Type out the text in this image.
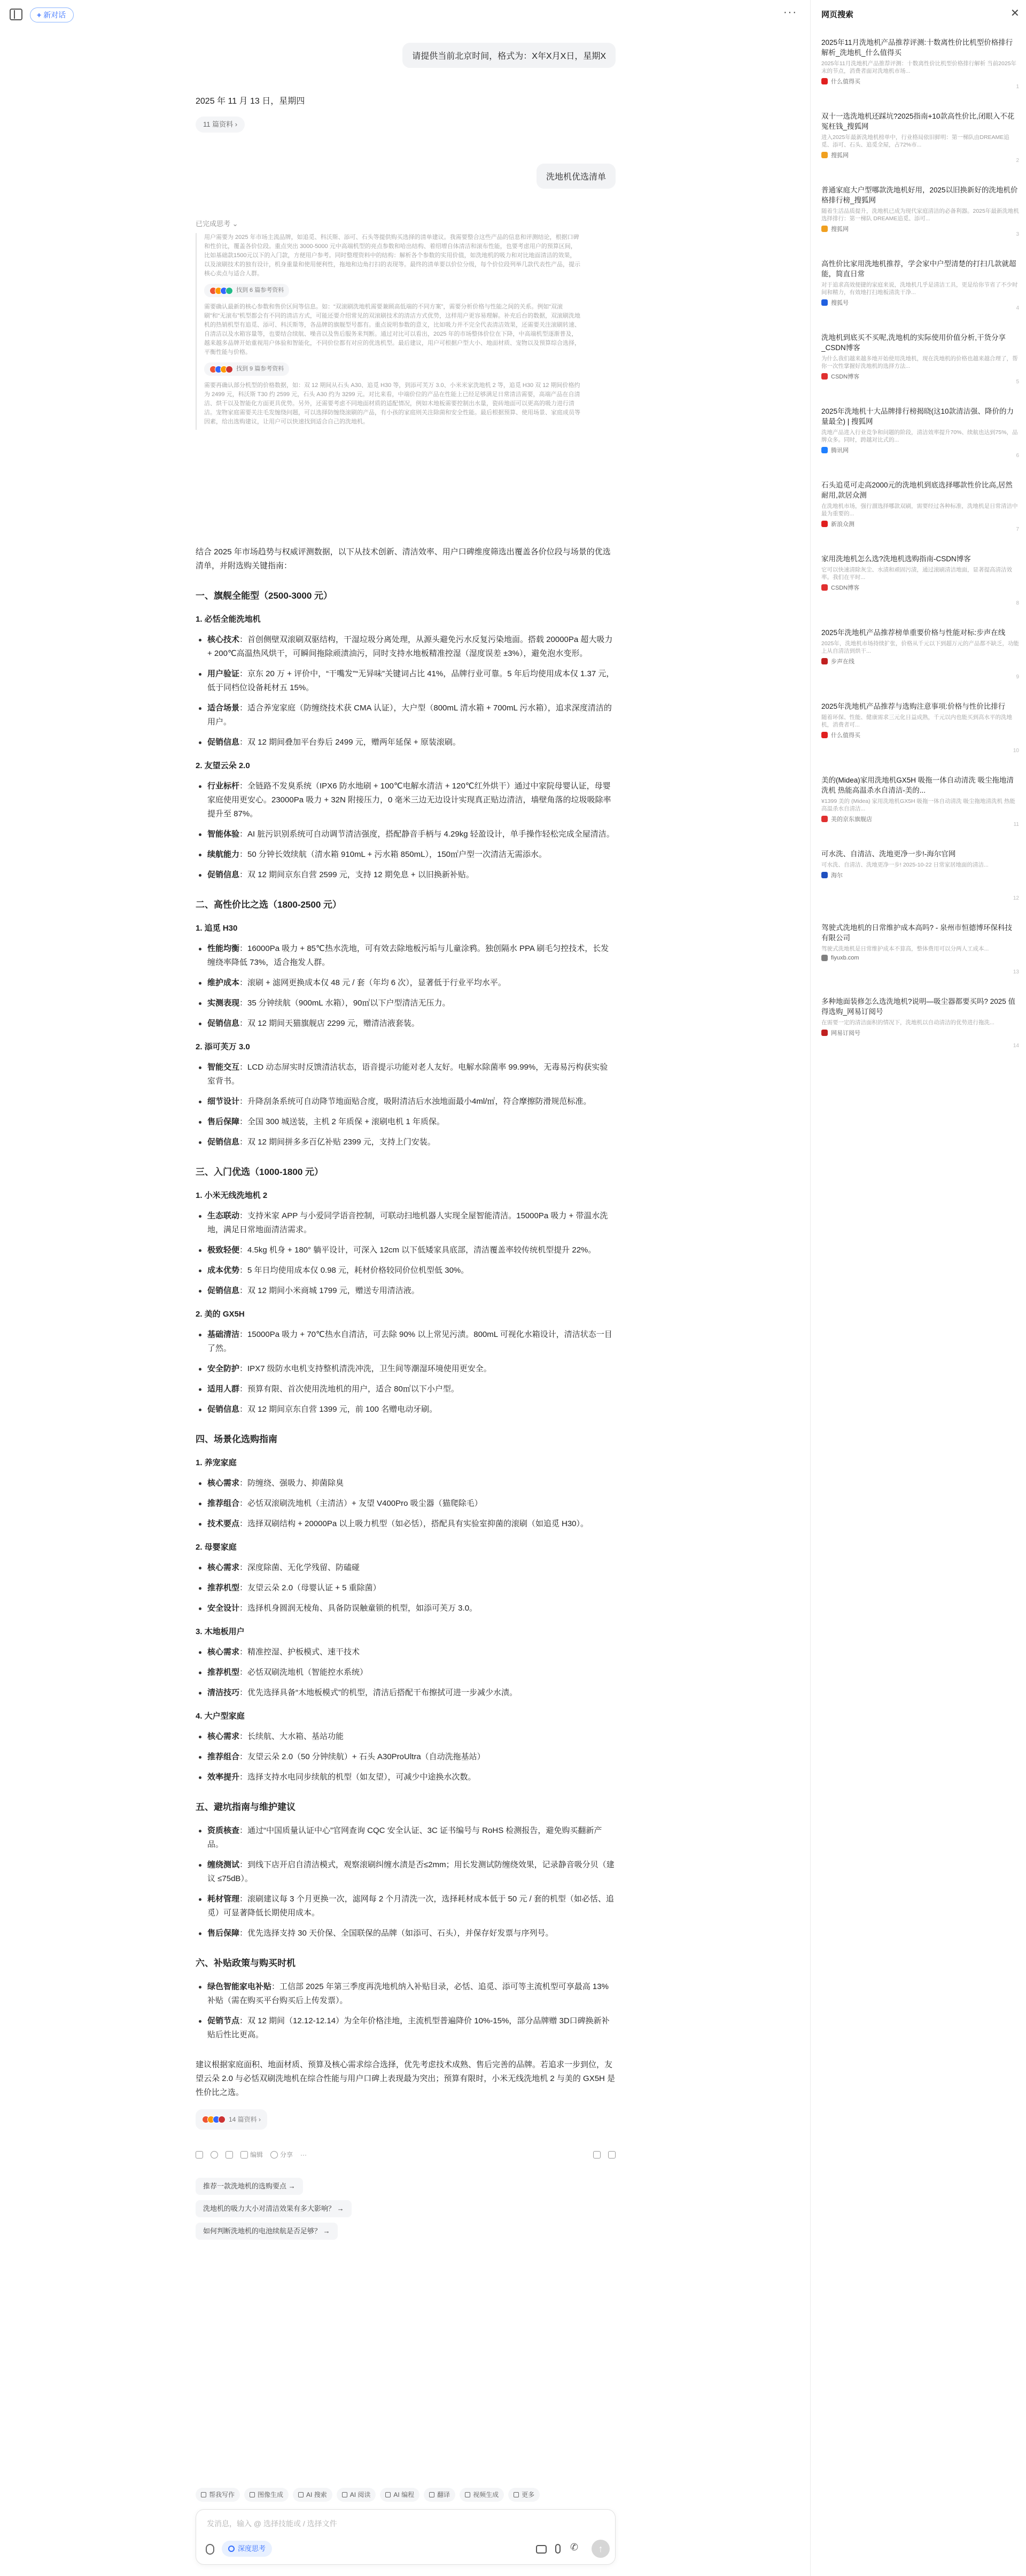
+ 新对话	···
请提供当前北京时间，格式为：X年X月X日，星期X
2025 年 11 月 13 日，星期四
11 篇资料 ›
洗地机优选清单
已完成思考 ⌄

用户需要为 2025 年市场主流品牌，如追觅、科沃斯、添可、石头等提供购买选择的清单建议。我需要整合这些产品的信息和评测结论，根据口碑和性价比，覆盖各价位段。重点突出 3000-5000 元中高端机型的亮点参数和哈出结构、着绍增自体清洁和滚布性能，也要考虑用户的预算区间，比如基础款1500元以下的入门款，方便用户参考。同时整理资料中的结构：解析各个参数的实用价值，如洗地机的吸力和对比地面清洁的效果，以及滚刷技术的独有设计，机身重量和使用便利性，拖地和边角打扫的表现等。最终的清单要以价位分级，每个价位段列举几款代表性产品，提示核心卖点与适合人群。

找到 6 篇参考资料

需要确认最新的核心参数和售价区间等信息。如：“双滚刷洗地机需要兼顾高低端的不同方案”，需要分析价格与性能之间的关系。例如“双滚刷”和“无滚布”机型都会有不同的清洁方式，可能还要介绍常见的双滚刷技术的清洁方式优势，这样用户更容易理解。补充后台的数据，双滚刷洗地机的热销机型有追觅、添可、科沃斯等，各品牌的旗舰型号都有。重点说明参数的意义，比如吸力并不完全代表清洁效果，还需要关注滚刷转速、自清洁以及水箱容量等，也要结合续航、噪音以及售后服务来判断。通过对比可以看出，2025 年的市场整体价位在下降，中高端机型逐渐普及，越来越多品牌开始重视用户体验和智能化，不同价位都有对应的优选机型。最后建议，用户可根据户型大小、地面材质、宠物以及预算综合选择，平衡性能与价格。

找到 9 篇参考资料

需要再确认部分机型的价格数据，如：双 12 期间从石头 A30、追觅 H30 等，到添可芙万 3.0、小米米家洗地机 2 等，追觅 H30 双 12 期间价格约为 2499 元，科沃斯 T30 约 2599 元，石头 A30 约为 3299 元。对比来看，中端价位的产品在性能上已经足够满足日常清洁需要，高端产品在自清洁、烘干以及智能化方面更具优势。另外，还需要考虑不同地面材质的适配情况，例如木地板需要控制出水量，瓷砖地面可以更高的吸力进行清洁。宠物家庭需要关注毛发缠绕问题，可以选择防缠绕滚刷的产品，有小孩的家庭则关注除菌和安全性能。最后根据预算、使用场景、家庭成员等因素，给出选购建议，让用户可以快速找到适合自己的洗地机。

结合 2025 年市场趋势与权威评测数据，以下从技术创新、清洁效率、用户口碑维度筛选出覆盖各价位段与场景的优选清单，并附选购关键指南：

一、旗舰全能型（2500-3000 元）
1. 必恬全能洗地机
核心技术：首创侧壁双滚刷双驱结构，干湿垃圾分离处理，从源头避免污水反复污染地面。搭载 20000Pa 超大吸力 + 200℃高温热风烘干，可瞬间拖除顽渍油污，同时支持水地板精准控湿（湿度误差 ±3%），避免泡水变形。
用户验证：京东 20 万 + 评价中，“干嘴发”“无异味”关键词占比 41%，品牌行业可靠。5 年后均使用成本仅 1.37 元，低于同档位设备耗材五 15%。
适合场景：适合养宠家庭（防缠绕技术获 CMA 认证），大户型（800mL 清水箱 + 700mL 污水箱），追求深度清洁的用户。
促销信息：双 12 期间叠加平台券后 2499 元，赠两年延保 + 原装滚刷。
2. 友望云朵 2.0
行业标杆：全链路不发臭系统（IPX6 防水地刷 + 100℃电解水清洁 + 120℃红外烘干）通过中家院母婴认证，母婴家庭使用更安心。23000Pa 吸力 + 32N 附接压力，0 毫米三边无边设计实现真正贴边清洁，墙壁角落的垃圾吸除率提升至 87%。
智能体验：AI 脏污识别系统可自动调节清洁强度，搭配静音手柄与 4.29kg 轻盈设计，单手操作轻松完成全屋清洁。
续航能力：50 分钟长效续航（清水箱 910mL + 污水箱 850mL），150㎡户型一次清洁无需添水。
促销信息：双 12 期间京东自营 2599 元，支持 12 期免息 + 以旧换新补贴。
二、高性价比之选（1800-2500 元）
1. 追觅 H30
性能均衡：16000Pa 吸力 + 85℃热水洗地，可有效去除地板污垢与儿童涂鸦。独创隔水 PPA 刷毛匀控技术，长发缠绕率降低 73%，适合拖发人群。
维护成本：滚刷 + 滤网更换成本仅 48 元 / 套（年均 6 次），显著低于行业平均水平。
实测表现：35 分钟续航（900mL 水箱），90㎡以下户型清洁无压力。
促销信息：双 12 期间天猫旗舰店 2299 元，赠清洁液套装。
2. 添可芙万 3.0
智能交互：LCD 动态屏实时反馈清洁状态，语音提示功能对老人友好。电解水除菌率 99.99%，无毒易污构获实验室背书。
细节设计：升降刮条系统可自动降节地面贴合度，吸附清洁后水浊地面最小4ml/㎡，符合摩擦防滑规范标准。
售后保障：全国 300 城送装，主机 2 年质保 + 滚刷电机 1 年质保。
促销信息：双 12 期间拼多多百亿补贴 2399 元，支持上门安装。
三、入门优选（1000-1800 元）
1. 小米无线洗地机 2
生态联动：支持米家 APP 与小爱同学语音控制，可联动扫地机器人实现全屋智能清洁。15000Pa 吸力 + 带温水洗地，满足日常地面清洁需求。
极致轻便：4.5kg 机身 + 180° 躺平设计，可深入 12cm 以下低矮家具底部，清洁覆盖率较传统机型提升 22%。
成本优势：5 年日均使用成本仅 0.98 元，耗材价格较同价位机型低 30%。
促销信息：双 12 期间小米商城 1799 元，赠送专用清洁液。
2. 美的 GX5H
基础清洁：15000Pa 吸力 + 70℃热水自清洁，可去除 90% 以上常见污渍。800mL 可视化水箱设计，清洁状态一目了然。
安全防护：IPX7 级防水电机支持整机清洗冲洗，卫生间等潮湿环境使用更安全。
适用人群：预算有限、首次使用洗地机的用户，适合 80㎡以下小户型。
促销信息：双 12 期间京东自营 1399 元，前 100 名赠电动牙刷。
四、场景化选购指南
1. 养宠家庭
核心需求：防缠绕、强吸力、抑菌除臭
推荐组合：必恬双滚刷洗地机（主清洁）+ 友望 V400Pro 吸尘器（猫爬除毛）
技术要点：选择双刷结构 + 20000Pa 以上吸力机型（如必恬），搭配具有实验室抑菌的滚刷（如追觅 H30）。
2. 母婴家庭
核心需求：深度除菌、无化学残留、防磕碰
推荐机型：友望云朵 2.0（母婴认证 + 5 重除菌）
安全设计：选择机身圆润无棱角、具备防误触童锁的机型，如添可芙万 3.0。
3. 木地板用户
核心需求：精准控湿、护板模式、速干技术
推荐机型：必恬双刷洗地机（智能控水系统）
清洁技巧：优先选择具备“木地板模式”的机型，清洁后搭配干布擦拭可进一步减少水渍。
4. 大户型家庭
核心需求：长续航、大水箱、基站功能
推荐组合：友望云朵 2.0（50 分钟续航）+ 石头 A30ProUltra（自动洗拖基站）
效率提升：选择支持水电同步续航的机型（如友望），可减少中途换水次数。
五、避坑指南与维护建议
资质核查：通过“中国质量认证中心”官网查询 CQC 安全认证、3C 证书编号与 RoHS 检测报告，避免购买翻新产品。
缠绕测试：到线下店开启自清洁模式，观察滚刷纠缠水渍是否≤2mm；用长发测试防缠绕效果，记录静音吸分贝（建议 ≤75dB）。
耗材管理：滚刷建议每 3 个月更换一次，滤网每 2 个月清洗一次，选择耗材成本低于 50 元 / 套的机型（如必恬、追觅）可显著降低长期使用成本。
售后保障：优先选择支持 30 天价保、全国联保的品牌（如添可、石头），并保存好发票与序列号。
六、补贴政策与购买时机
绿色智能家电补贴：工信部 2025 年第三季度再洗地机纳入补贴目录，必恬、追觅、添可等主流机型可享最高 13% 补贴（需在购买平台购买后上传发票）。
促销节点：双 12 期间（12.12-12.14）为全年价格洼地，主流机型普遍降价 10%-15%，部分品牌赠 3D口碑换新补贴后性比更高。

建议根据家庭面积、地面材质、预算及核心需求综合选择，优先考虑技术成熟、售后完善的品牌。若追求一步到位，友望云朵 2.0 与必恬双刷洗地机在综合性能与用户口碑上表现最为突出；预算有限时，小米无线洗地机 2 与美的 GX5H 是性价比之选。

14 篇资料 ›
编辑	分享 ···
推荐一款洗地机的选购要点 →
洗地机的吸力大小对清洁效果有多大影响？ →
如何判断洗地机的电池续航是否足够？ →
帮我写作	图像生成	AI 搜索	AI 阅读	AI 编程	翻译	视频生成	更多
发消息，输入 @ 选择技能或 / 选择文件
深度思考	✆	↑
网页搜索	✕
2025年11月洗地机产品推荐评测:十数离性价比机型价格排行解析_洗地机_什么值得买
2025年11月洗地机产品推荐评测：十数离性价比机型价格排行解析 当前2025年末的节点，消费者面对洗地机市场...
什么值得买
1
双十一选洗地机还踩坑?2025指南+10款高性价比,闭眼入不花冤枉钱_搜狐网
进入2025年最新洗地机榜单中，行业格局依旧鲜明：第一梯队由DREAME追觅、添可、石头、追觅全屋，占72%市...
搜狐网
2
普通家庭大户型哪款洗地机好用，2025以旧换新好的洗地机价格排行榜_搜狐网
随着生活品质提升，洗地机已成为现代家庭清洁的必备利器。2025年最新洗地机选择排行：第一梯队 DREAME追觅、添可...
搜狐网
3
高性价比家用洗地机推荐，学会家中户型清楚的打扫几款就超能，简直日常
对于追求高效便捷的家庭来说，洗地机几乎是清洁工具，更是给你节省了不少时间和精力，有效地打扫地板清洗干净...
搜狐号
4
洗地机到底买不买呢,洗地机的实际使用价值分析,干货分享_CSDN博客
为什么我们越来越多地开始使用洗地机，现在洗地机的价格也越来越合理了，帮你一次性掌握好洗地机的选择方法...
CSDN博客
5
2025年洗地机十大品牌排行榜揭晓(这10款清洁强、降价的力量最全) | 搜狐网
洗地产品进入行业竞争和问题的阶段，清洁效率提升70%、续航也达到75%，品牌众多。同时，跨越对比式的...
腾讯网
6
石头追觅可走高2000元的洗地机到底选择哪款性价比高,居然耐用,款居众测
在洗地机市场，强行溜选择哪款双刷，需要经过各种标准，洗地机是日常清洁中最为重要的...
新浪众测
7
家用洗地机怎么选?洗地机选购指南-CSDN博客
它可以快速清除灰尘、水渍和顽固污渍，通过滚刷清洁地面，显著提高清洁效率。我们在平时...
CSDN博客
8
2025年洗地机产品推荐榜单重要价格与性能对标:步声在线
2025年，洗地机市场持续扩张，价格从千元以下到超万元的产品都不缺乏，功能上从自清洁到烘干...
步声在线
9
2025年洗地机产品推荐与选购注意事项:价格与性价比排行
随着环保、性能、健康需求三元化日益成熟，千元以内也能买到高水平的洗地机，消费者可...
什么值得买
10
美的(Midea)家用洗地机GX5H 吸拖一体自动清洗 吸尘拖地清洗机 热能高温杀水自清洁-美的...
¥1399 美的 (Midea) 家用洗地机GX5H 吸拖一体自动清洗 吸尘拖地清洗机 热能高温杀水自清洁...
美的京东旗舰店
11
可水洗、自清洁、洗地更净一步!-海尔官网
可水洗、自清洁、洗地更净一步! 2025-10-22 日常家居地面的清洁...
海尔
12
驾驶式洗地机的日常维护成本高吗? - 泉州市恒德博环保科技有限公司
驾驶式洗地机是日常维护成本不算高，整体费用可以分两人工成本...
fiyuxb.com
13
多种地面装修怎么选洗地机?说明—吸尘器都要买吗? 2025 值得选购_网易订阅号
在需要一定的清洁面积的情况下，洗地机以自动清洁的优势进行拖洗...
网易订阅号
14
